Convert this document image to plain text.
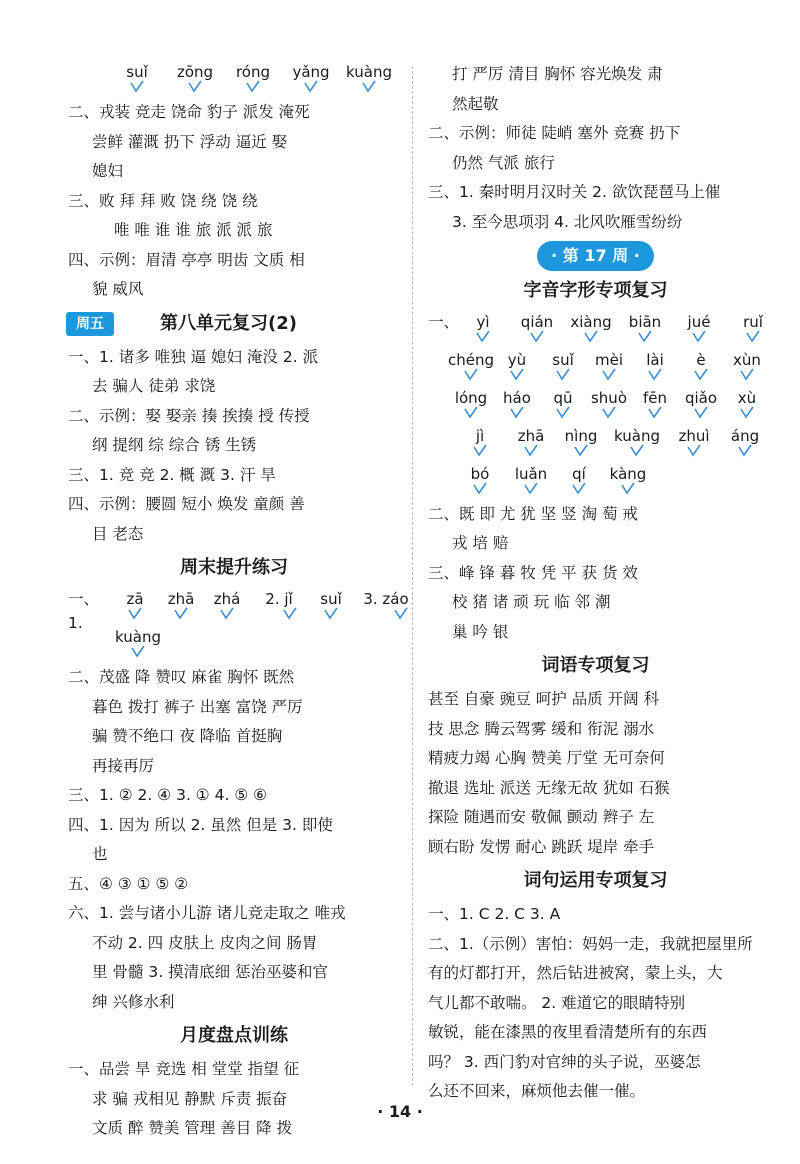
suǐ	zōng	róng	yǎng	kuàng
二、戎装 竞走 饶命 豹子 派发 淹死
尝鲜 灌溉 扔下 浮动 逼近 娶
媳妇
三、败 拜 拜 败 饶 绕 饶 绕
唯 唯 谁 谁 旅 派 派 旅
四、示例：眉清 亭亭 明齿 文质 相
貌 威风
周五	第八单元复习(2)
一、1. 诸多 唯独 逼 媳妇 淹没 2. 派
去 骗人 徒弟 求饶
二、示例：娶 娶亲 揍 挨揍 授 传授
纲 提纲 综 综合 锈 生锈
三、1. 竞 竞 2. 概 溉 3. 汗 旱
四、示例：腰圆 短小 焕发 童颜 善
目 老态
周末提升练习
一、1.
zā	zhā	zhá	2. jǐ	suǐ	3. záo
kuàng
二、茂盛 降 赞叹 麻雀 胸怀 既然
暮色 拨打 裤子 出塞 富饶 严厉
骗 赞不绝口 夜 降临 首挺胸
再接再厉
三、1. ② 2. ④ 3. ① 4. ⑤ ⑥
四、1. 因为 所以 2. 虽然 但是 3. 即使
也
五、④ ③ ① ⑤ ②
六、1. 尝与诸小儿游 诸儿竞走取之 唯戎
不动 2. 四 皮肤上 皮肉之间 肠胃
里 骨髓 3. 摸清底细 惩治巫婆和官
绅 兴修水利
月度盘点训练
一、品尝 旱 竞选 相 堂堂 指望 征
求 骗 戎相见 静默 斥责 振奋
文质 醉 赞美 管理 善目 降 拨
打 严厉 清目 胸怀 容光焕发 肃
然起敬
二、示例：师徒 陡峭 塞外 竞赛 扔下
仍然 气派 旅行
三、1. 秦时明月汉时关 2. 欲饮琵琶马上催
3. 至今思项羽 4. 北风吹雁雪纷纷
· 第 17 周 ·
字音字形专项复习
一、	yì	qián	xiàng	biān	jué	ruǐ
chéng yù	suǐ	mèi	lài	è	xùn
lóng	háo	qū	shuò	fēn	qiǎo	xù
jì	zhā	nìng	kuàng	zhuì	áng
bó	luǎn	qí	kàng
二、既 即 尤 犹 坚 竖 淘 萄 戒
戎 培 赔
三、峰 锋 暮 牧 凭 平 获 货 效
校 猪 诸 顽 玩 临 邻 潮
巢 吟 银
词语专项复习
甚至 自豪 豌豆 呵护 品质 开阔 科
技 思念 腾云驾雾 缓和 衔泥 溺水
精疲力竭 心胸 赞美 厅堂 无可奈何
撤退 选址 派送 无缘无故 犹如 石猴
探险 随遇而安 敬佩 颤动 辫子 左
顾右盼 发愣 耐心 跳跃 堤岸 牵手
词句运用专项复习
一、1. C 2. C 3. A
二、1.（示例）害怕：妈妈一走，我就把屋里所
有的灯都打开，然后钻进被窝，蒙上头，大
气儿都不敢喘。 2. 难道它的眼睛特别
敏锐，能在漆黑的夜里看清楚所有的东西
吗？ 3. 西门豹对官绅的头子说，巫婆怎
么还不回来，麻烦他去催一催。
· 14 ·
